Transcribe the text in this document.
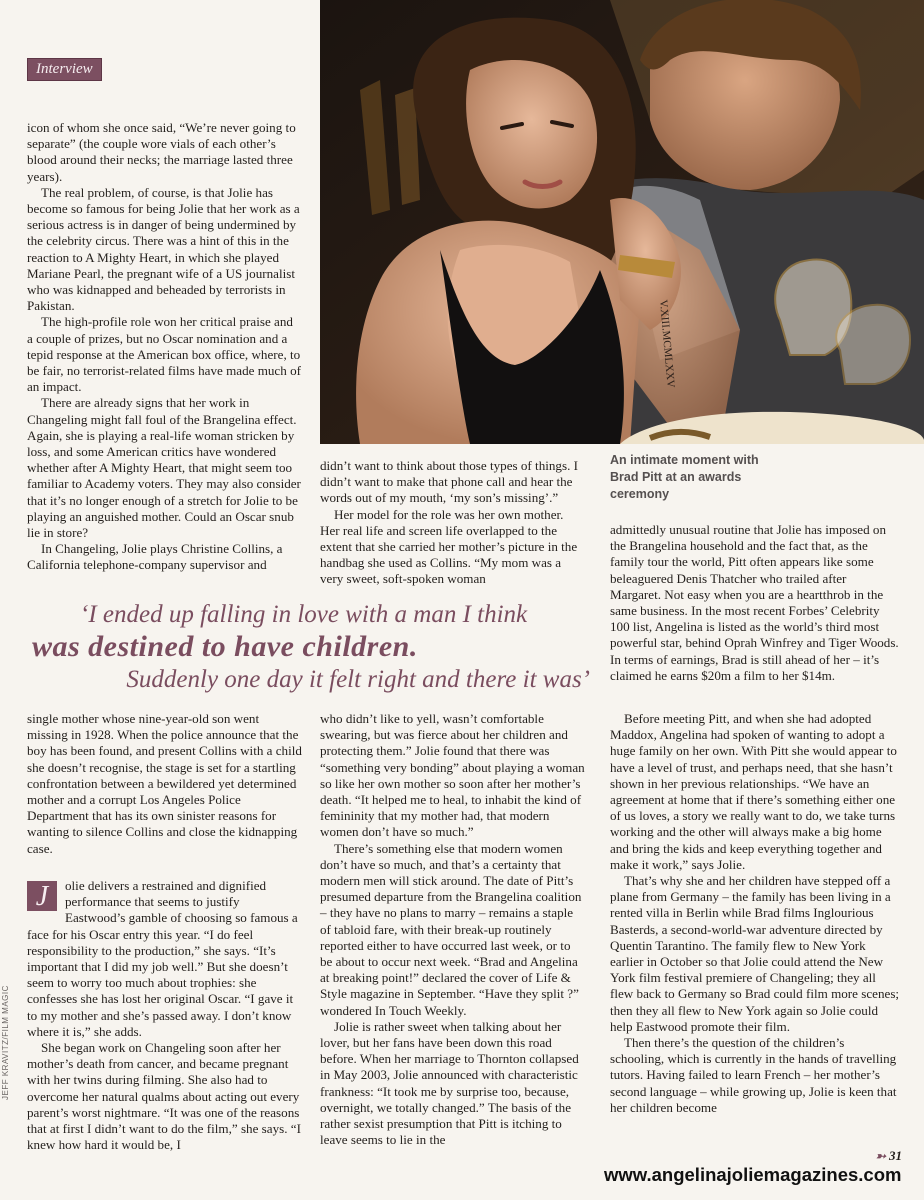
Interview
V.XIII.MCMLXXV
An intimate moment with Brad Pitt at an awards ceremony

icon of whom she once said, “We’re never going to separate” (the couple wore vials of each other’s blood around their necks; the marriage lasted three years).

The real problem, of course, is that Jolie has become so famous for being Jolie that her work as a serious actress is in danger of being undermined by the celebrity circus. There was a hint of this in the reaction to A Mighty Heart, in which she played Mariane Pearl, the pregnant wife of a US journalist who was kidnapped and beheaded by terrorists in Pakistan.

The high-profile role won her critical praise and a couple of prizes, but no Oscar nomination and a tepid response at the American box office, where, to be fair, no terrorist-related films have made much of an impact.

There are already signs that her work in Changeling might fall foul of the Brangelina effect. Again, she is playing a real-life woman stricken by loss, and some American critics have wondered whether after A Mighty Heart, that might seem too familiar to Academy voters. They may also consider that it’s no longer enough of a stretch for Jolie to be playing an anguished mother. Could an Oscar snub lie in store?

In Changeling, Jolie plays Christine Collins, a California telephone-company supervisor and

didn’t want to think about those types of things. I didn’t want to make that phone call and hear the words out of my mouth, ‘my son’s missing’.”

Her model for the role was her own mother. Her real life and screen life overlapped to the extent that she carried her mother’s picture in the handbag she used as Collins. “My mom was a very sweet, soft-spoken woman

admittedly unusual routine that Jolie has imposed on the Brangelina household and the fact that, as the family tour the world, Pitt often appears like some beleaguered Denis Thatcher who trailed after Margaret. Not easy when you are a heartthrob in the same business. In the most recent Forbes’ Celebrity 100 list, Angelina is listed as the world’s third most powerful star, behind Oprah Winfrey and Tiger Woods. In terms of earnings, Brad is still ahead of her – it’s claimed he earns $20m a film to her $14m.

‘I ended up falling in love with a man I think
was destined to have children.
Suddenly one day it felt right and there it was’

single mother whose nine-year-old son went missing in 1928. When the police announce that the boy has been found, and present Collins with a child she doesn’t recognise, the stage is set for a startling confrontation between a bewildered yet determined mother and a corrupt Los Angeles Police Department that has its own sinister reasons for wanting to silence Collins and close the kidnapping case.

J	olie delivers a restrained and dignified performance that seems to justify Eastwood’s gamble of choosing so famous a face for his Oscar entry this year. “I do feel responsibility to the production,” she says. “It’s important that I did my job well.” But she doesn’t seem to worry too much about trophies: she confesses she has lost her original Oscar. “I gave it to my mother and she’s passed away. I don’t know where it is,” she adds.

She began work on Changeling soon after her mother’s death from cancer, and became pregnant with her twins during filming. She also had to overcome her natural qualms about acting out every parent’s worst nightmare. “It was one of the reasons that at first I didn’t want to do the film,” she says. “I knew how hard it would be, I

who didn’t like to yell, wasn’t comfortable swearing, but was fierce about her children and protecting them.” Jolie found that there was “something very bonding” about playing a woman so like her own mother so soon after her mother’s death. “It helped me to heal, to inhabit the kind of femininity that my mother had, that modern women don’t have so much.”

There’s something else that modern women don’t have so much, and that’s a certainty that modern men will stick around. The date of Pitt’s presumed departure from the Brangelina coalition – they have no plans to marry – remains a staple of tabloid fare, with their break-up routinely reported either to have occurred last week, or to be about to occur next week. “Brad and Angelina at breaking point!” declared the cover of Life & Style magazine in September. “Have they split ?” wondered In Touch Weekly.

Jolie is rather sweet when talking about her lover, but her fans have been down this road before. When her marriage to Thornton collapsed in May 2003, Jolie announced with characteristic frankness: “It took me by surprise too, because, overnight, we totally changed.” The basis of the rather sexist presumption that Pitt is itching to leave seems to lie in the

Before meeting Pitt, and when she had adopted Maddox, Angelina had spoken of wanting to adopt a huge family on her own. With Pitt she would appear to have a level of trust, and perhaps need, that she hasn’t shown in her previous relationships. “We have an agreement at home that if there’s something either one of us loves, a story we really want to do, we take turns working and the other will always make a big home and bring the kids and keep everything together and make it work,” says Jolie.

That’s why she and her children have stepped off a plane from Germany – the family has been living in a rented villa in Berlin while Brad films Inglourious Basterds, a second-world-war adventure directed by Quentin Tarantino. The family flew to New York earlier in October so that Jolie could attend the New York film festival premiere of Changeling; they all flew back to Germany so Brad could film more scenes; then they all flew to New York again so Jolie could help Eastwood promote their film.

Then there’s the question of the children’s schooling, which is currently in the hands of travelling tutors. Having failed to learn French – her mother’s second language – while growing up, Jolie is keen that her children become

JEFF KRAVITZ/FILM MAGIC
➳ 31
www.angelinajoliemagazines.com
